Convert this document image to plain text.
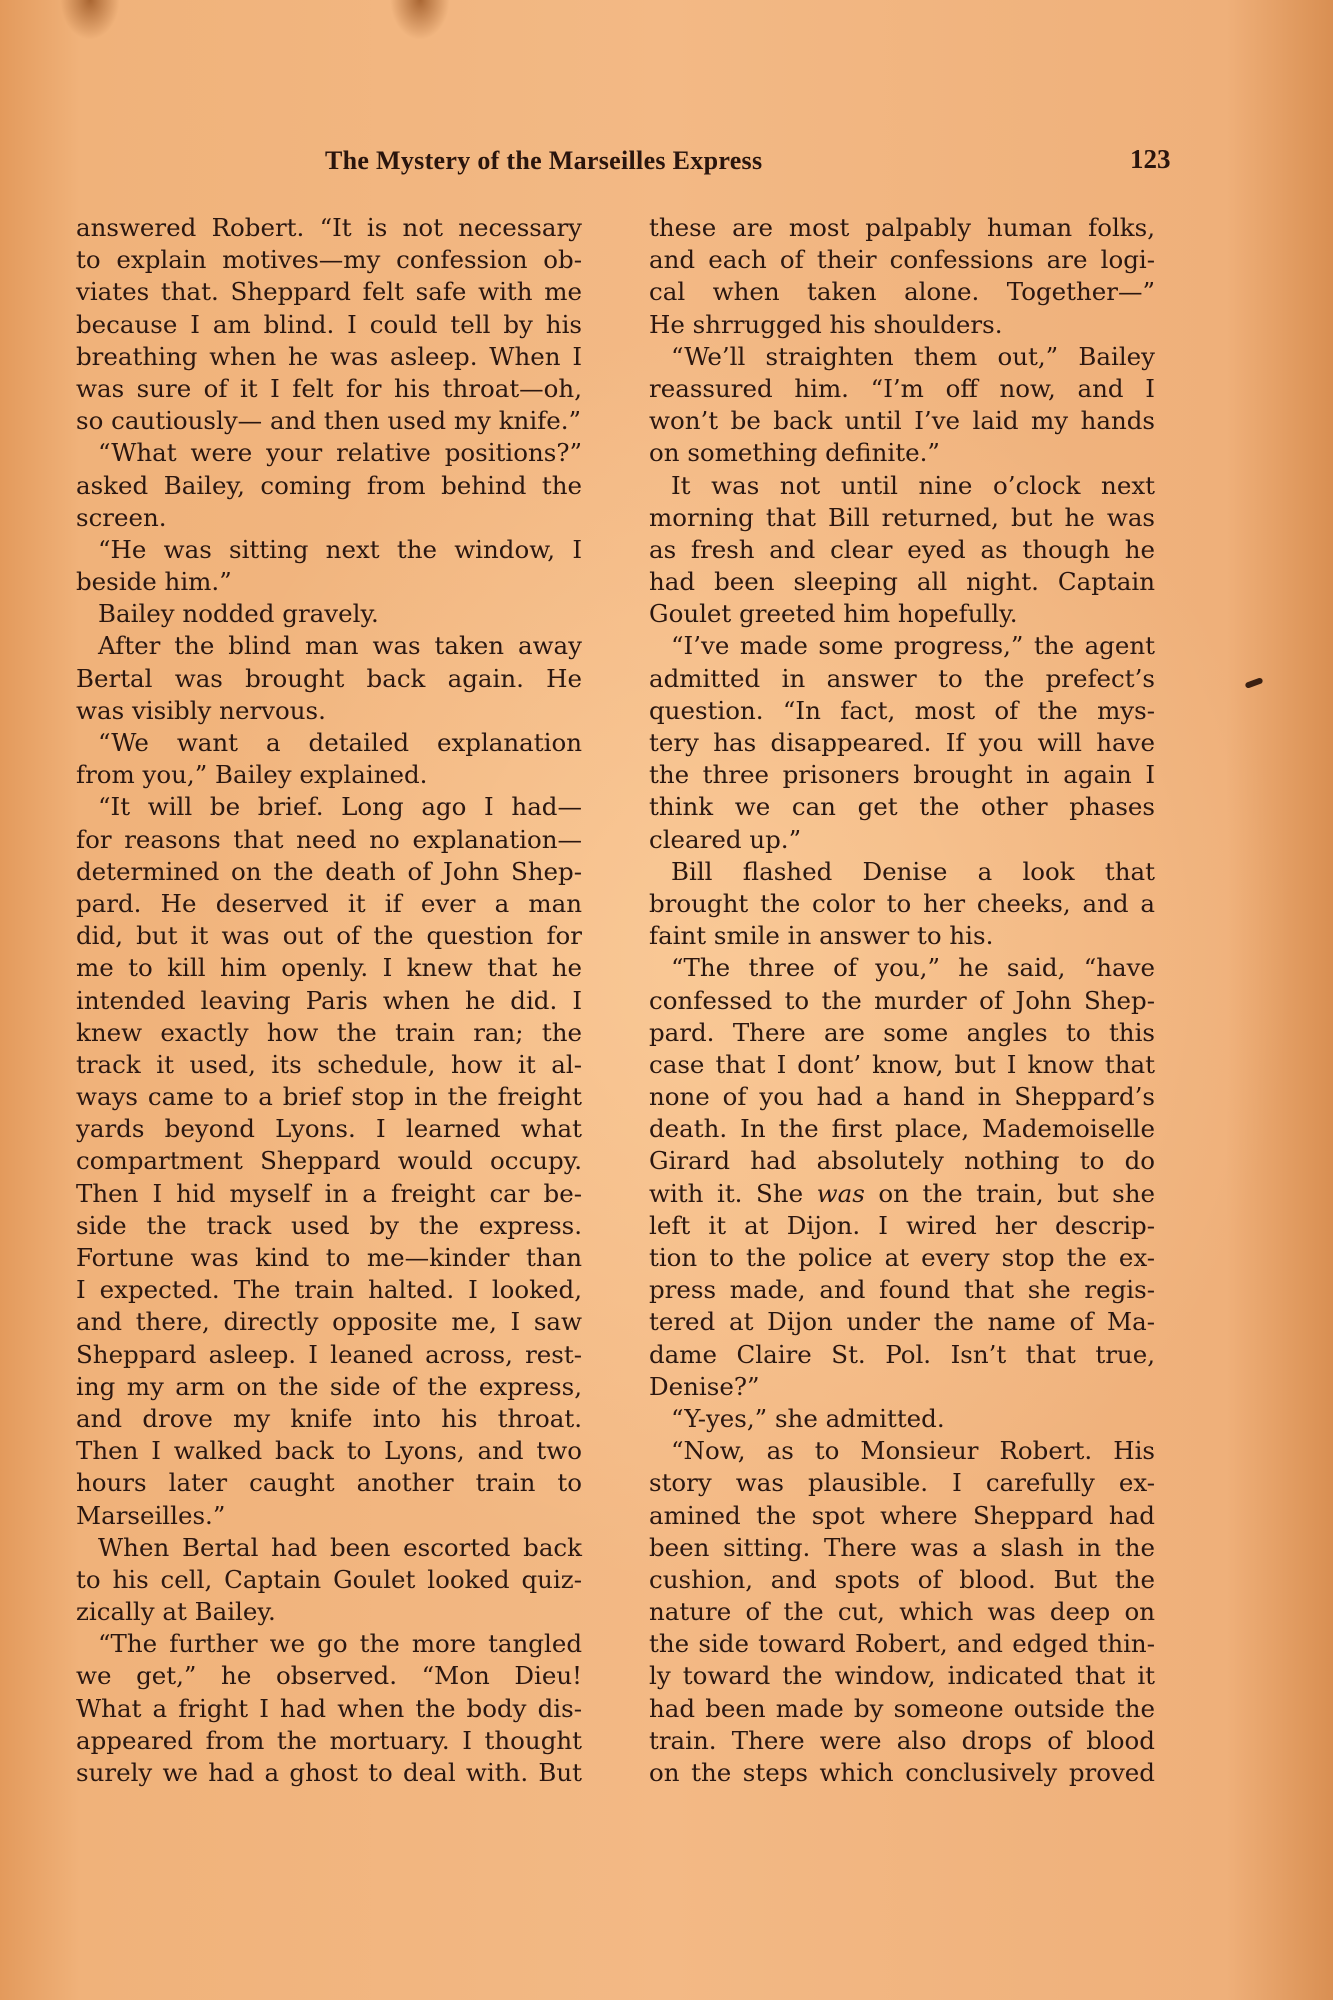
The Mystery of the Marseilles Express	123
answered Robert. “It is not necessary
to explain motives—my confession ob-
viates that. Sheppard felt safe with me
because I am blind. I could tell by his
breathing when he was asleep. When I
was sure of it I felt for his throat—oh,
so cautiously— and then used my knife.”
“What were your relative positions?”
asked Bailey, coming from behind the
screen.
“He was sitting next the window, I
beside him.”
Bailey nodded gravely.
After the blind man was taken away
Bertal was brought back again. He
was visibly nervous.
“We want a detailed explanation
from you,” Bailey explained.
“It will be brief. Long ago I had—
for reasons that need no explanation—
determined on the death of John Shep-
pard. He deserved it if ever a man
did, but it was out of the question for
me to kill him openly. I knew that he
intended leaving Paris when he did. I
knew exactly how the train ran; the
track it used, its schedule, how it al-
ways came to a brief stop in the freight
yards beyond Lyons. I learned what
compartment Sheppard would occupy.
Then I hid myself in a freight car be-
side the track used by the express.
Fortune was kind to me—kinder than
I expected. The train halted. I looked,
and there, directly opposite me, I saw
Sheppard asleep. I leaned across, rest-
ing my arm on the side of the express,
and drove my knife into his throat.
Then I walked back to Lyons, and two
hours later caught another train to
Marseilles.”
When Bertal had been escorted back
to his cell, Captain Goulet looked quiz-
zically at Bailey.
“The further we go the more tangled
we get,” he observed. “Mon Dieu!
What a fright I had when the body dis-
appeared from the mortuary. I thought
surely we had a ghost to deal with. But
these are most palpably human folks,
and each of their confessions are logi-
cal when taken alone. Together—”
He shrrugged his shoulders.
“We’ll straighten them out,” Bailey
reassured him. “I’m off now, and I
won’t be back until I’ve laid my hands
on something definite.”
It was not until nine o’clock next
morning that Bill returned, but he was
as fresh and clear eyed as though he
had been sleeping all night. Captain
Goulet greeted him hopefully.
“I’ve made some progress,” the agent
admitted in answer to the prefect’s
question. “In fact, most of the mys-
tery has disappeared. If you will have
the three prisoners brought in again I
think we can get the other phases
cleared up.”
Bill flashed Denise a look that
brought the color to her cheeks, and a
faint smile in answer to his.
“The three of you,” he said, “have
confessed to the murder of John Shep-
pard. There are some angles to this
case that I dont’ know, but I know that
none of you had a hand in Sheppard’s
death. In the first place, Mademoiselle
Girard had absolutely nothing to do
with it. She was on the train, but she
left it at Dijon. I wired her descrip-
tion to the police at every stop the ex-
press made, and found that she regis-
tered at Dijon under the name of Ma-
dame Claire St. Pol. Isn’t that true,
Denise?”
“Y-yes,” she admitted.
“Now, as to Monsieur Robert. His
story was plausible. I carefully ex-
amined the spot where Sheppard had
been sitting. There was a slash in the
cushion, and spots of blood. But the
nature of the cut, which was deep on
the side toward Robert, and edged thin-
ly toward the window, indicated that it
had been made by someone outside the
train. There were also drops of blood
on the steps which conclusively proved
